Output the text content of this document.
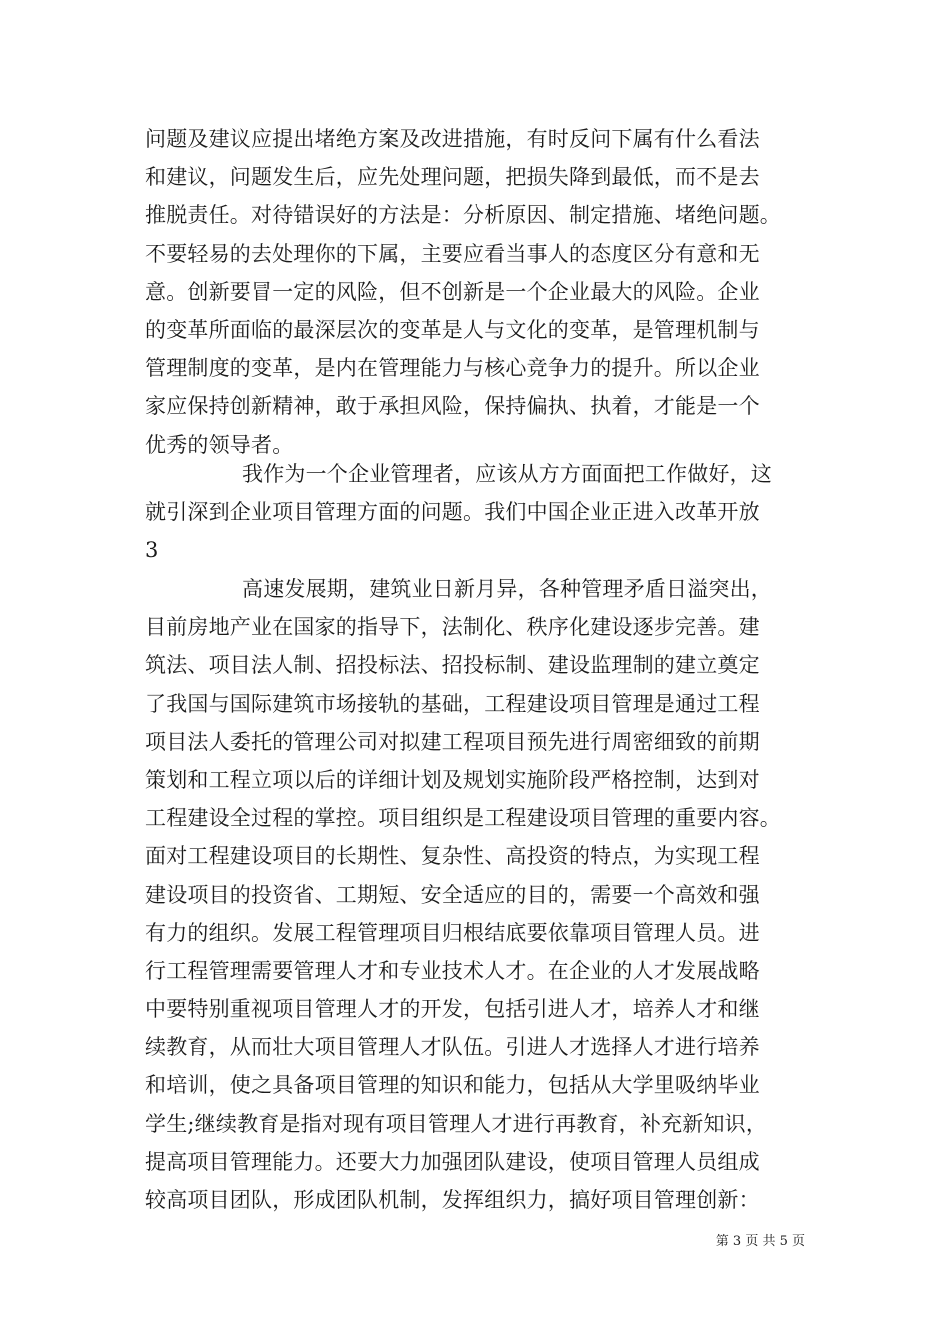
问题及建议应提出堵绝方案及改进措施，有时反问下属有什么看法
和建议，问题发生后，应先处理问题，把损失降到最低，而不是去
推脱责任。对待错误好的方法是：分析原因、制定措施、堵绝问题。
不要轻易的去处理你的下属，主要应看当事人的态度区分有意和无
意。创新要冒一定的风险，但不创新是一个企业最大的风险。企业
的变革所面临的最深层次的变革是人与文化的变革，是管理机制与
管理制度的变革，是内在管理能力与核心竞争力的提升。所以企业
家应保持创新精神，敢于承担风险，保持偏执、执着，才能是一个
优秀的领导者。
我作为一个企业管理者，应该从方方面面把工作做好，这
就引深到企业项目管理方面的问题。我们中国企业正进入改革开放
3
高速发展期，建筑业日新月异，各种管理矛盾日溢突出，
目前房地产业在国家的指导下，法制化、秩序化建设逐步完善。建
筑法、项目法人制、招投标法、招投标制、建设监理制的建立奠定
了我国与国际建筑市场接轨的基础，工程建设项目管理是通过工程
项目法人委托的管理公司对拟建工程项目预先进行周密细致的前期
策划和工程立项以后的详细计划及规划实施阶段严格控制，达到对
工程建设全过程的掌控。项目组织是工程建设项目管理的重要内容。
面对工程建设项目的长期性、复杂性、高投资的特点，为实现工程
建设项目的投资省、工期短、安全适应的目的，需要一个高效和强
有力的组织。发展工程管理项目归根结底要依靠项目管理人员。进
行工程管理需要管理人才和专业技术人才。在企业的人才发展战略
中要特别重视项目管理人才的开发，包括引进人才，培养人才和继
续教育，从而壮大项目管理人才队伍。引进人才选择人才进行培养
和培训，使之具备项目管理的知识和能力，包括从大学里吸纳毕业
学生;继续教育是指对现有项目管理人才进行再教育，补充新知识，
提高项目管理能力。还要大力加强团队建设，使项目管理人员组成
较高项目团队，形成团队机制，发挥组织力，搞好项目管理创新：
第 3 页 共 5 页
